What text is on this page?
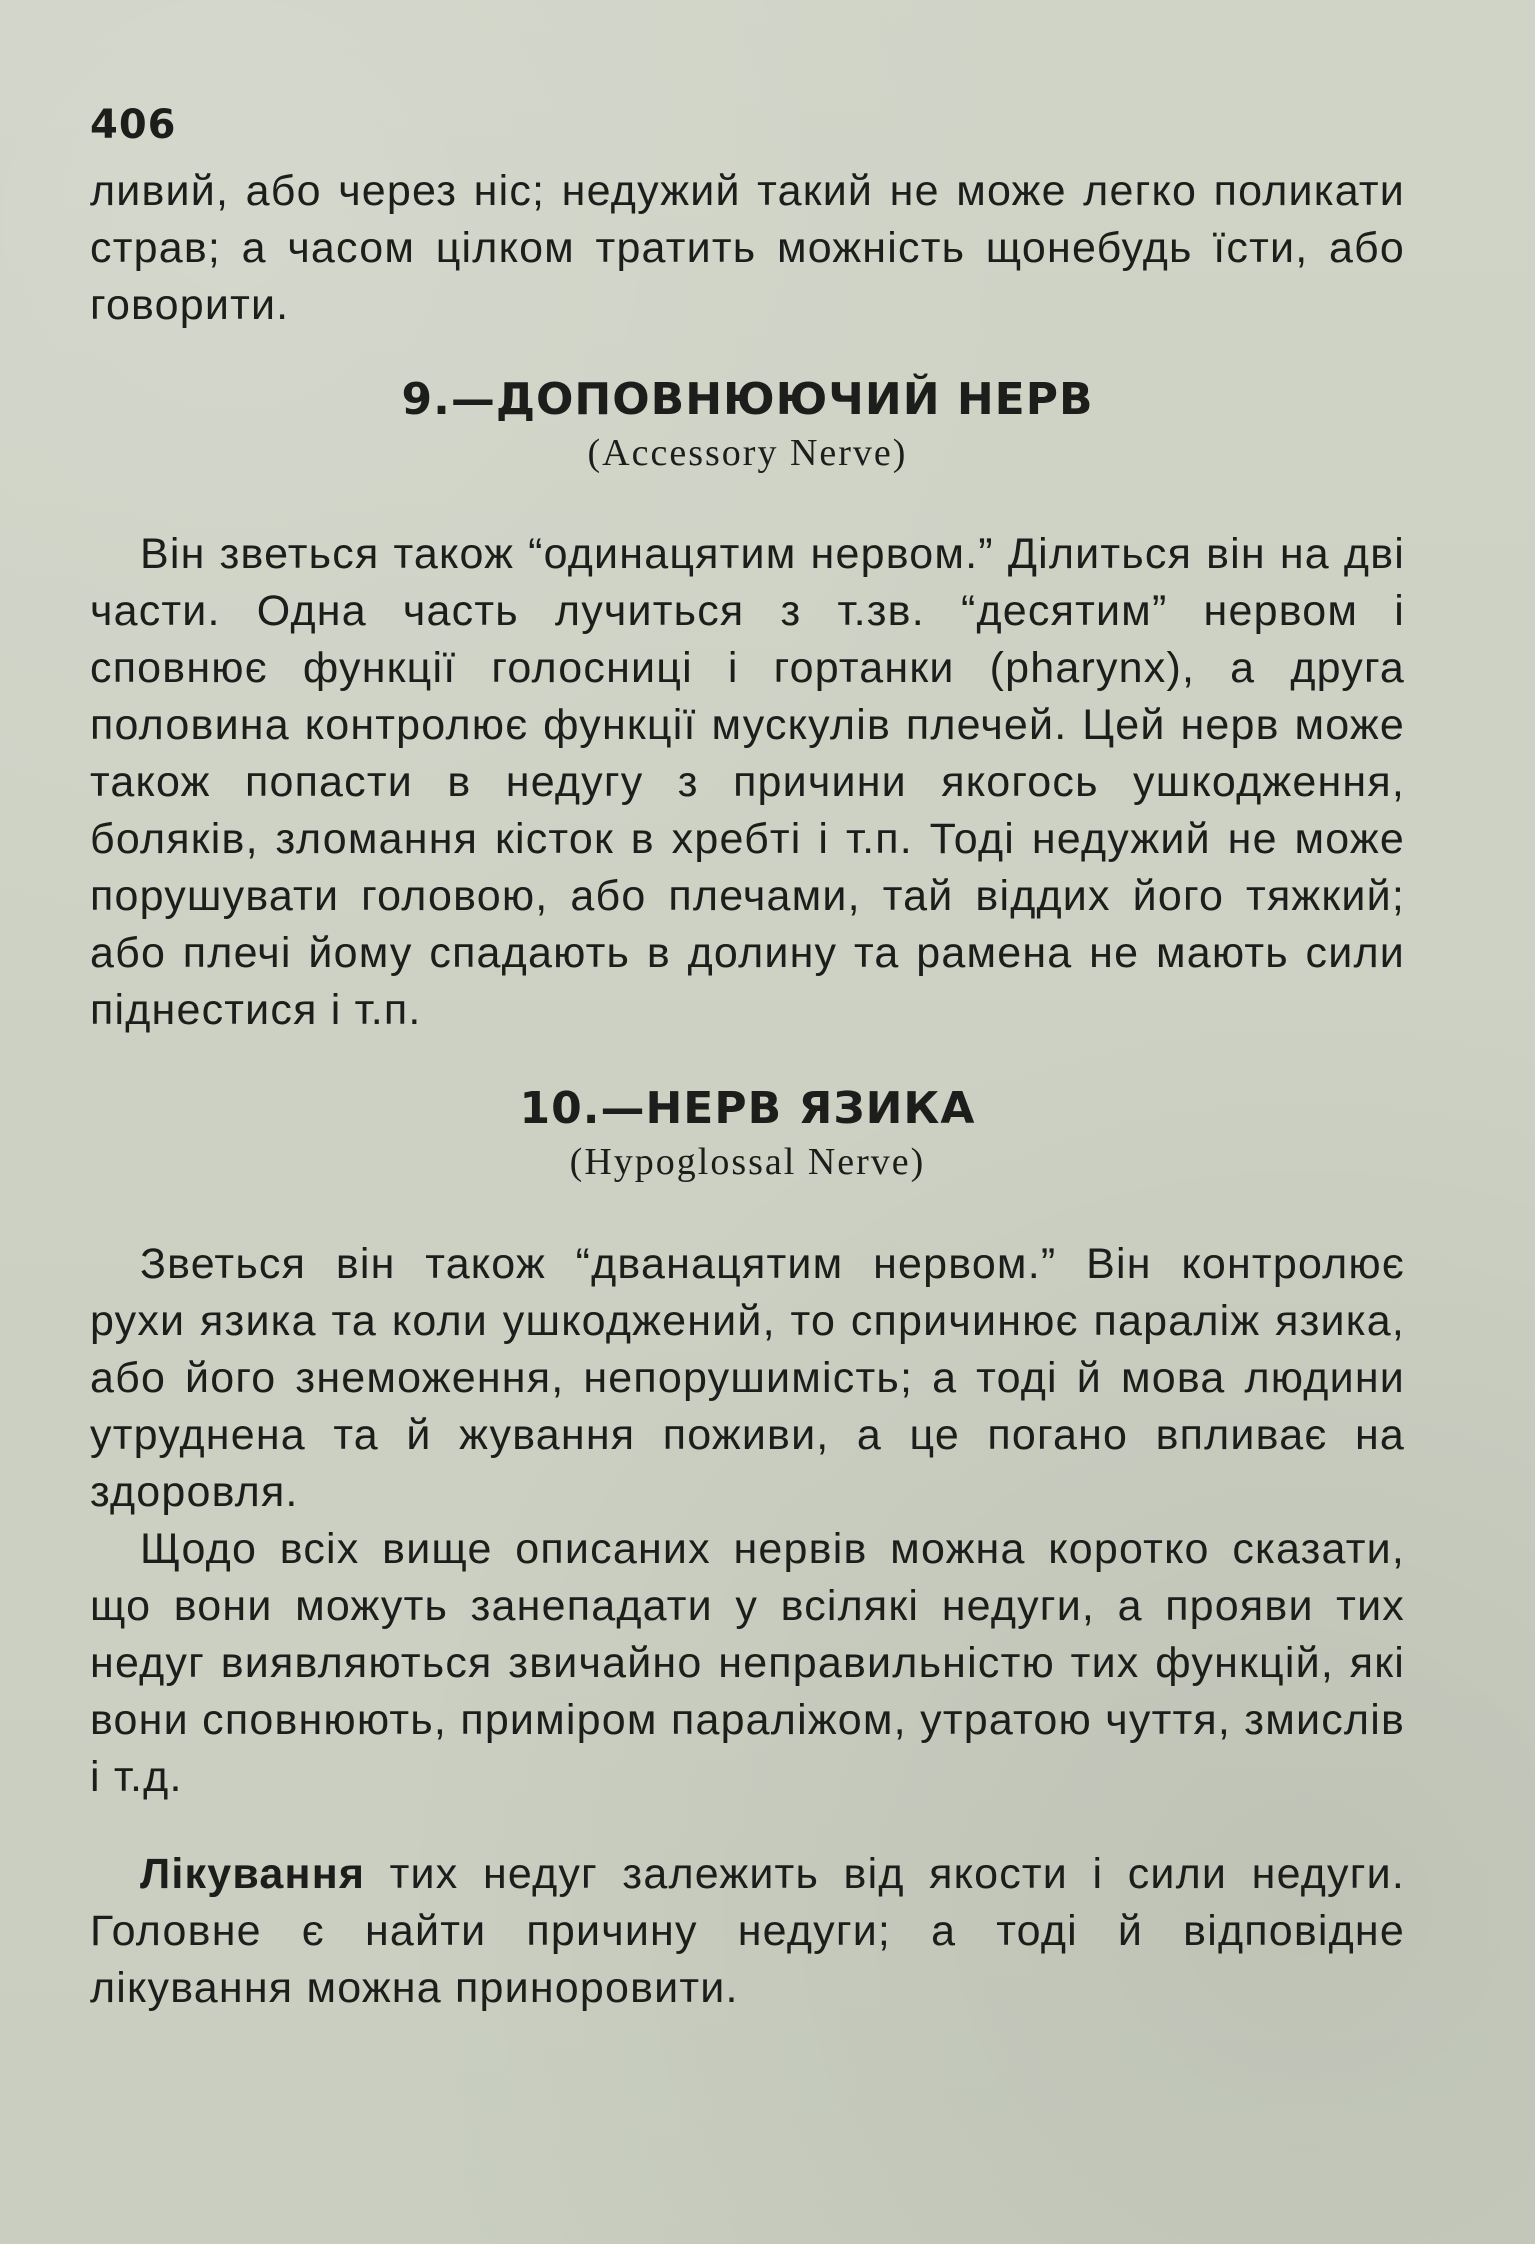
406

ливий, або через ніс; недужий такий не може легко поликати страв; а часом цілком тратить можність щонебудь їсти, або говорити.

9.—ДОПОВНЮЮЧИЙ НЕРВ
(Accessory Nerve)

Він зветься також “одинацятим нервом.” Ділиться він на дві части. Одна часть лучиться з т.зв. “десятим” нервом і сповнює функції голосниці і гортанки (pharynx), а друга половина контролює функції мускулів плечей. Цей нерв може також попасти в недугу з причини якогось ушкодження, боляків, зломання кісток в хребті і т.п. Тоді недужий не може порушувати головою, або плечами, тай віддих його тяжкий; або плечі йому спадають в долину та рамена не мають сили піднестися і т.п.

10.—НЕРВ ЯЗИКА
(Hypoglossal Nerve)

Зветься він також “дванацятим нервом.” Він контролює рухи язика та коли ушкоджений, то спричинює параліж язика, або його знеможення, непорушимість; а тоді й мова людини утруднена та й жування поживи, а це погано впливає на здоровля.

Щодо всіх вище описаних нервів можна коротко сказати, що вони можуть занепадати у всілякі недуги, а прояви тих недуг виявляються звичайно неправильністю тих функцій, які вони сповнюють, приміром параліжом, утратою чуття, змислів і т.д.

Лікування тих недуг залежить від якости і сили недуги. Головне є найти причину недуги; а тоді й відповідне лікування можна приноровити.
